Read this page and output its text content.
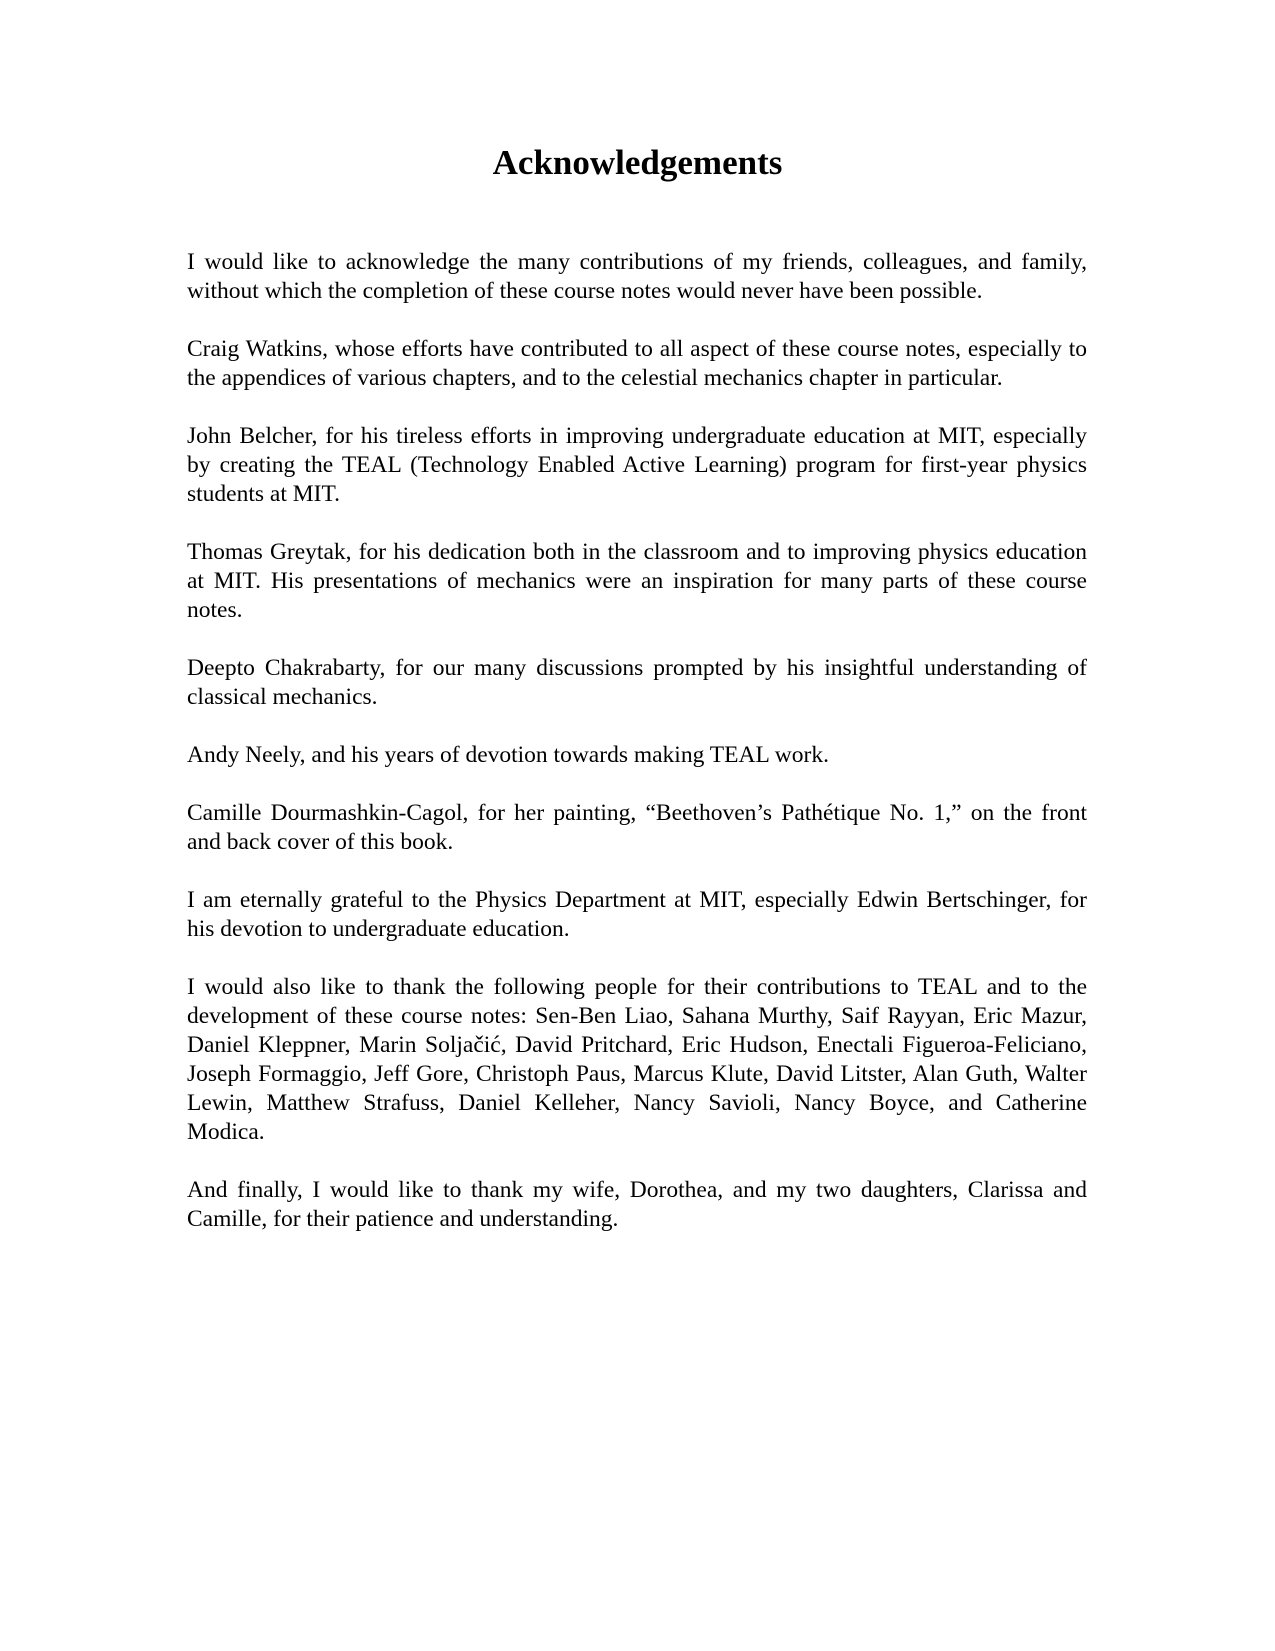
Acknowledgements

I would like to acknowledge the many contributions of my friends, colleagues, and family, without which the completion of these course notes would never have been possible.

Craig Watkins, whose efforts have contributed to all aspect of these course notes, especially to the appendices of various chapters, and to the celestial mechanics chapter in particular.

John Belcher, for his tireless efforts in improving undergraduate education at MIT, especially by creating the TEAL (Technology Enabled Active Learning) program for first-year physics students at MIT.

Thomas Greytak, for his dedication both in the classroom and to improving physics education at MIT. His presentations of mechanics were an inspiration for many parts of these course notes.

Deepto Chakrabarty, for our many discussions prompted by his insightful understanding of classical mechanics.

Andy Neely, and his years of devotion towards making TEAL work.

Camille Dourmashkin-Cagol, for her painting, “Beethoven’s Pathétique No. 1,” on the front and back cover of this book.

I am eternally grateful to the Physics Department at MIT, especially Edwin Bertschinger, for his devotion to undergraduate education.

I would also like to thank the following people for their contributions to TEAL and to the development of these course notes: Sen-Ben Liao, Sahana Murthy, Saif Rayyan, Eric Mazur, Daniel Kleppner, Marin Soljačić, David Pritchard, Eric Hudson, Enectali Figueroa-Feliciano, Joseph Formaggio, Jeff Gore, Christoph Paus, Marcus Klute, David Litster, Alan Guth, Walter Lewin, Matthew Strafuss, Daniel Kelleher, Nancy Savioli, Nancy Boyce, and Catherine Modica.

And finally, I would like to thank my wife, Dorothea, and my two daughters, Clarissa and Camille, for their patience and understanding.
